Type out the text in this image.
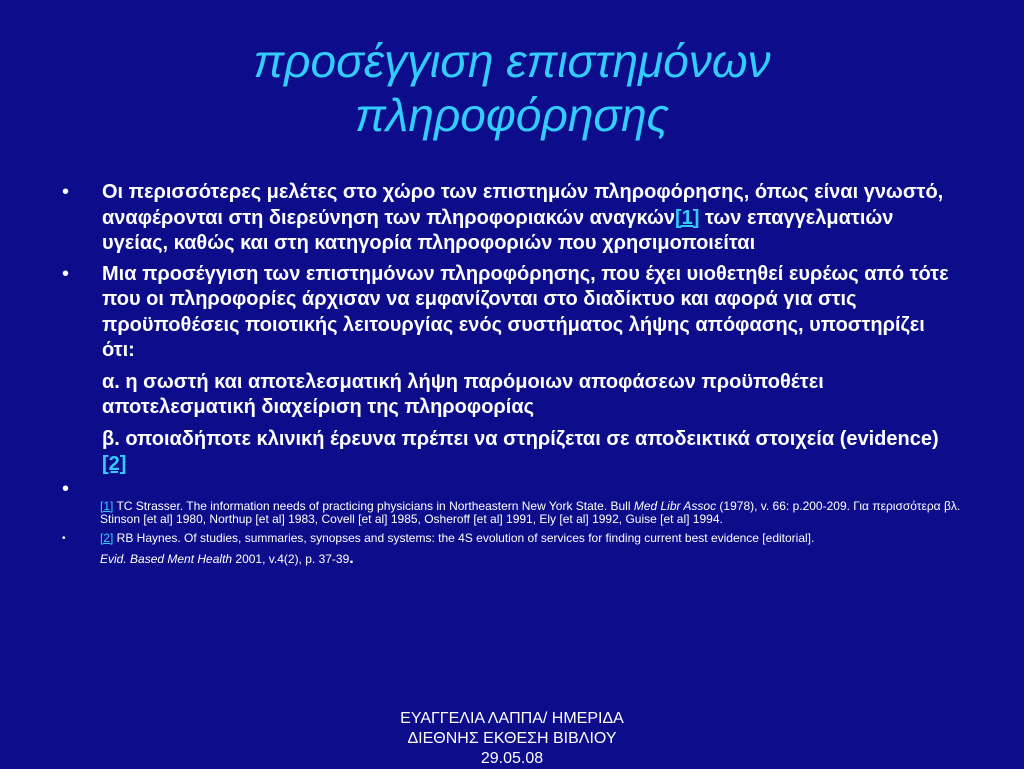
προσέγγιση επιστημόνων
πληροφόρησης
• Οι περισσότερες μελέτες στο χώρο των επιστημών πληροφόρησης, όπως είναι γνωστό, αναφέρονται στη διερεύνηση των πληροφοριακών αναγκών[1] των επαγγελματιών υγείας, καθώς και στη κατηγορία πληροφοριών που χρησιμοποιείται
• Μια προσέγγιση των επιστημόνων πληροφόρησης, που έχει υιοθετηθεί ευρέως από τότε που οι πληροφορίες άρχισαν να εμφανίζονται στο διαδίκτυο και αφορά για στις προϋποθέσεις ποιοτικής λειτουργίας ενός συστήματος λήψης απόφασης, υποστηρίζει ότι:
α. η σωστή και αποτελεσματική λήψη παρόμοιων αποφάσεων προϋποθέτει αποτελεσματική διαχείριση της πληροφορίας
β. οποιαδήποτε κλινική έρευνα πρέπει να στηρίζεται σε αποδεικτικά στοιχεία (evidence)[2]
•
[1] TC Strasser. The information needs of practicing physicians in Northeastern New York State. Bull Med Libr Assoc (1978), v. 66: p.200-209. Για περισσότερα βλ. Stinson [et al] 1980, Northup [et al] 1983, Covell [et al] 1985, Osheroff [et al] 1991, Ely [et al] 1992, Guise [et al] 1994.
•	[2] RB Haynes. Of studies, summaries, synopses and systems: the 4S evolution of services for finding current best evidence [editorial].
Evid. Based Ment Health 2001, v.4(2), p. 37-39.
ΕΥΑΓΓΕΛΙΑ ΛΑΠΠΑ/ ΗΜΕΡΙΔΑ
ΔΙΕΘΝΗΣ ΕΚΘΕΣΗ ΒΙΒΛΙΟΥ
29.05.08
